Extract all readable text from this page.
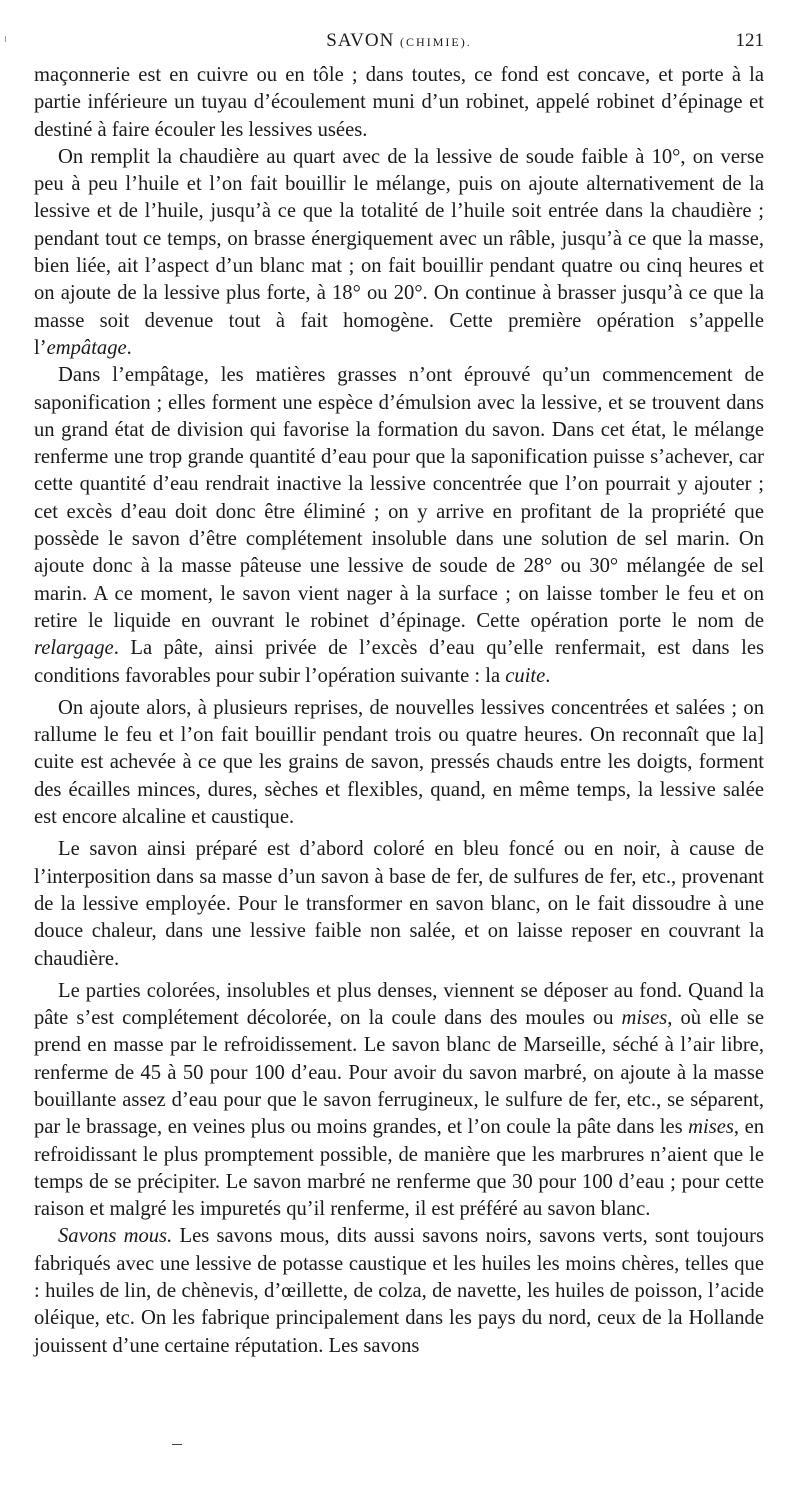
SAVON (CHIMIE).	121

maçonnerie est en cuivre ou en tôle ; dans toutes, ce fond est concave, et porte à la partie inférieure un tuyau d’écoulement muni d’un robinet, appelé robinet d’épinage et destiné à faire écouler les lessives usées.

On remplit la chaudière au quart avec de la lessive de soude faible à 10°, on verse peu à peu l’huile et l’on fait bouillir le mélange, puis on ajoute alternativement de la lessive et de l’huile, jusqu’à ce que la totalité de l’huile soit entrée dans la chaudière ; pendant tout ce temps, on brasse énergiquement avec un râble, jusqu’à ce que la masse, bien liée, ait l’aspect d’un blanc mat ; on fait bouillir pendant quatre ou cinq heures et on ajoute de la lessive plus forte, à 18° ou 20°. On continue à brasser jusqu’à ce que la masse soit devenue tout à fait homogène. Cette première opération s’appelle l’empâtage.

Dans l’empâtage, les matières grasses n’ont éprouvé qu’un commencement de saponification ; elles forment une espèce d’émulsion avec la lessive, et se trouvent dans un grand état de division qui favorise la formation du savon. Dans cet état, le mélange renferme une trop grande quantité d’eau pour que la saponification puisse s’achever, car cette quantité d’eau rendrait inactive la lessive concentrée que l’on pourrait y ajouter ; cet excès d’eau doit donc être éliminé ; on y arrive en profitant de la propriété que possède le savon d’être complétement insoluble dans une solution de sel marin. On ajoute donc à la masse pâteuse une lessive de soude de 28° ou 30° mélangée de sel marin. A ce moment, le savon vient nager à la surface ; on laisse tomber le feu et on retire le liquide en ouvrant le robinet d’épinage. Cette opération porte le nom de relargage. La pâte, ainsi privée de l’excès d’eau qu’elle renfermait, est dans les conditions favorables pour subir l’opération suivante : la cuite.

On ajoute alors, à plusieurs reprises, de nouvelles lessives concentrées et salées ; on rallume le feu et l’on fait bouillir pendant trois ou quatre heures. On reconnaît que la] cuite est achevée à ce que les grains de savon, pressés chauds entre les doigts, forment des écailles minces, dures, sèches et flexibles, quand, en même temps, la lessive salée est encore alcaline et caustique.

Le savon ainsi préparé est d’abord coloré en bleu foncé ou en noir, à cause de l’interposition dans sa masse d’un savon à base de fer, de sulfures de fer, etc., provenant de la lessive employée. Pour le transformer en savon blanc, on le fait dissoudre à une douce chaleur, dans une lessive faible non salée, et on laisse reposer en couvrant la chaudière.

Le parties colorées, insolubles et plus denses, viennent se déposer au fond. Quand la pâte s’est complétement décolorée, on la coule dans des moules ou mises, où elle se prend en masse par le refroidissement. Le savon blanc de Marseille, séché à l’air libre, renferme de 45 à 50 pour 100 d’eau. Pour avoir du savon marbré, on ajoute à la masse bouillante assez d’eau pour que le savon ferrugineux, le sulfure de fer, etc., se séparent, par le brassage, en veines plus ou moins grandes, et l’on coule la pâte dans les mises, en refroidissant le plus promptement possible, de manière que les marbrures n’aient que le temps de se précipiter. Le savon marbré ne renferme que 30 pour 100 d’eau ; pour cette raison et malgré les impuretés qu’il renferme, il est préféré au savon blanc.

Savons mous. Les savons mous, dits aussi savons noirs, savons verts, sont toujours fabriqués avec une lessive de potasse caustique et les huiles les moins chères, telles que : huiles de lin, de chènevis, d’œillette, de colza, de navette, les huiles de poisson, l’acide oléique, etc. On les fabrique principalement dans les pays du nord, ceux de la Hollande jouissent d’une certaine réputation. Les savons
